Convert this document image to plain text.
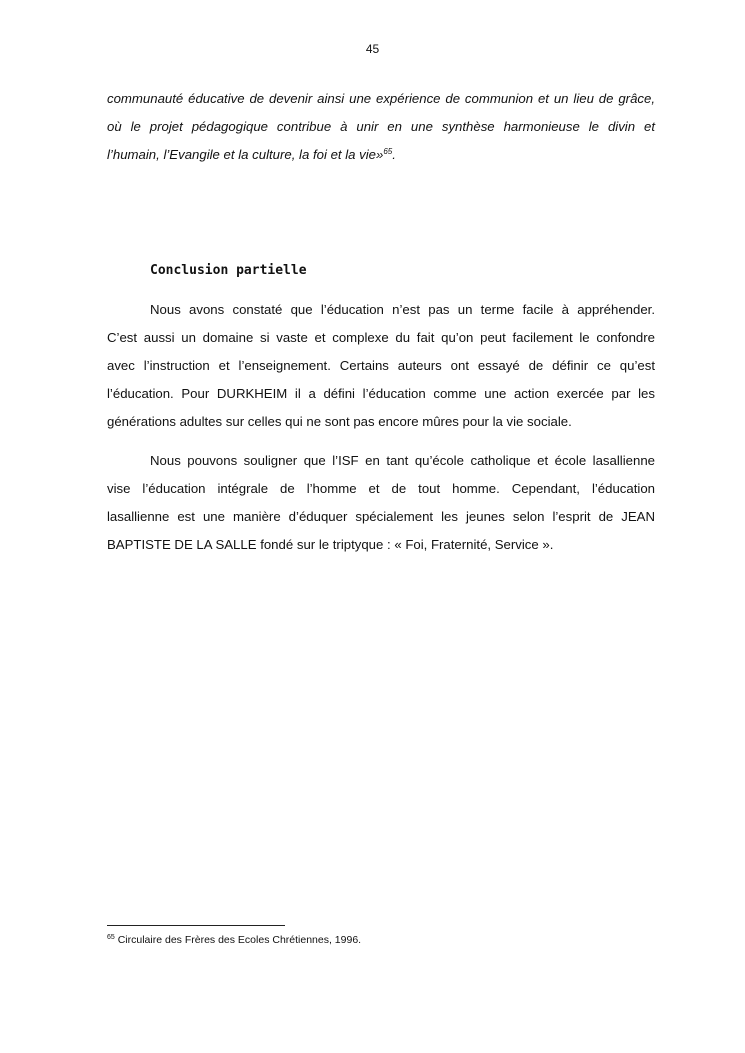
45
communauté éducative de devenir ainsi une expérience de communion et un lieu de grâce,
où le projet pédagogique contribue à unir en une synthèse harmonieuse le divin et
l’humain, l’Evangile et la culture, la foi et la vie»$^{65}$.
Conclusion partielle
Nous avons constaté que l’éducation n’est pas un terme facile à appréhender.
C’est aussi un domaine si vaste et complexe du fait qu’on peut facilement le confondre
avec l’instruction et l’enseignement. Certains auteurs ont essayé de définir ce qu’est
l’éducation. Pour DURKHEIM il a défini l’éducation comme une action exercée par les
générations adultes sur celles qui ne sont pas encore mûres pour la vie sociale.
Nous pouvons souligner que l’ISF en tant qu’école catholique et école lasallienne
vise l’éducation intégrale de l’homme et de tout homme. Cependant, l’éducation
lasallienne est une manière d’éduquer spécialement les jeunes selon l’esprit de JEAN
BAPTISTE DE LA SALLE fondé sur le triptyque : « Foi, Fraternité, Service ».
$^{65}$ Circulaire des Frères des Ecoles Chrétiennes, 1996.
